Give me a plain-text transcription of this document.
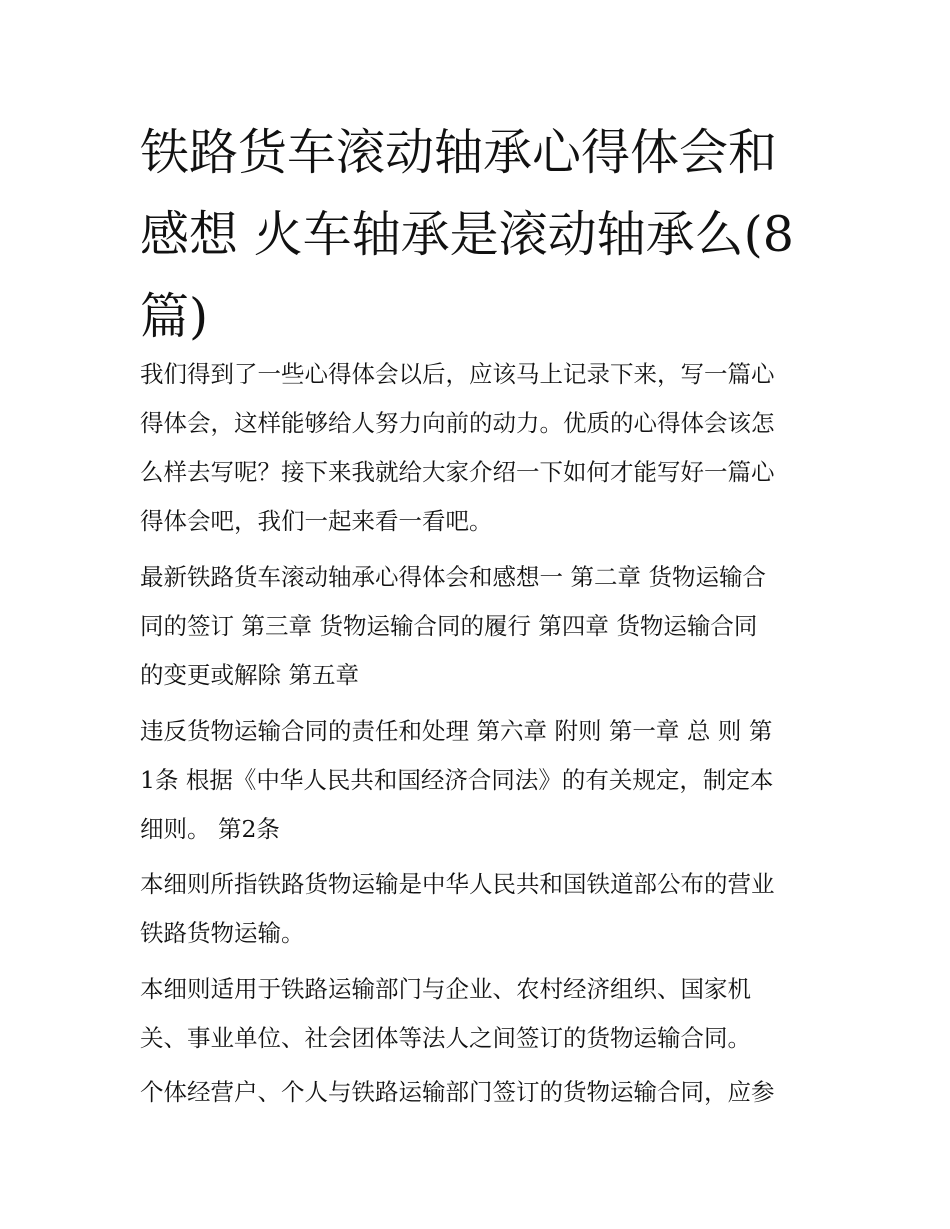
铁路货车滚动轴承心得体会和
感想 火车轴承是滚动轴承么(8
篇)
我们得到了一些心得体会以后，应该马上记录下来，写一篇心
得体会，这样能够给人努力向前的动力。优质的心得体会该怎
么样去写呢？接下来我就给大家介绍一下如何才能写好一篇心
得体会吧，我们一起来看一看吧。
最新铁路货车滚动轴承心得体会和感想一 第二章 货物运输合
同的签订 第三章 货物运输合同的履行 第四章 货物运输合同
的变更或解除 第五章
违反货物运输合同的责任和处理 第六章 附则 第一章 总 则 第
1条 根据《中华人民共和国经济合同法》的有关规定，制定本
细则。 第2条
本细则所指铁路货物运输是中华人民共和国铁道部公布的营业
铁路货物运输。
本细则适用于铁路运输部门与企业、农村经济组织、国家机
关、事业单位、社会团体等法人之间签订的货物运输合同。
个体经营户、个人与铁路运输部门签订的货物运输合同，应参
